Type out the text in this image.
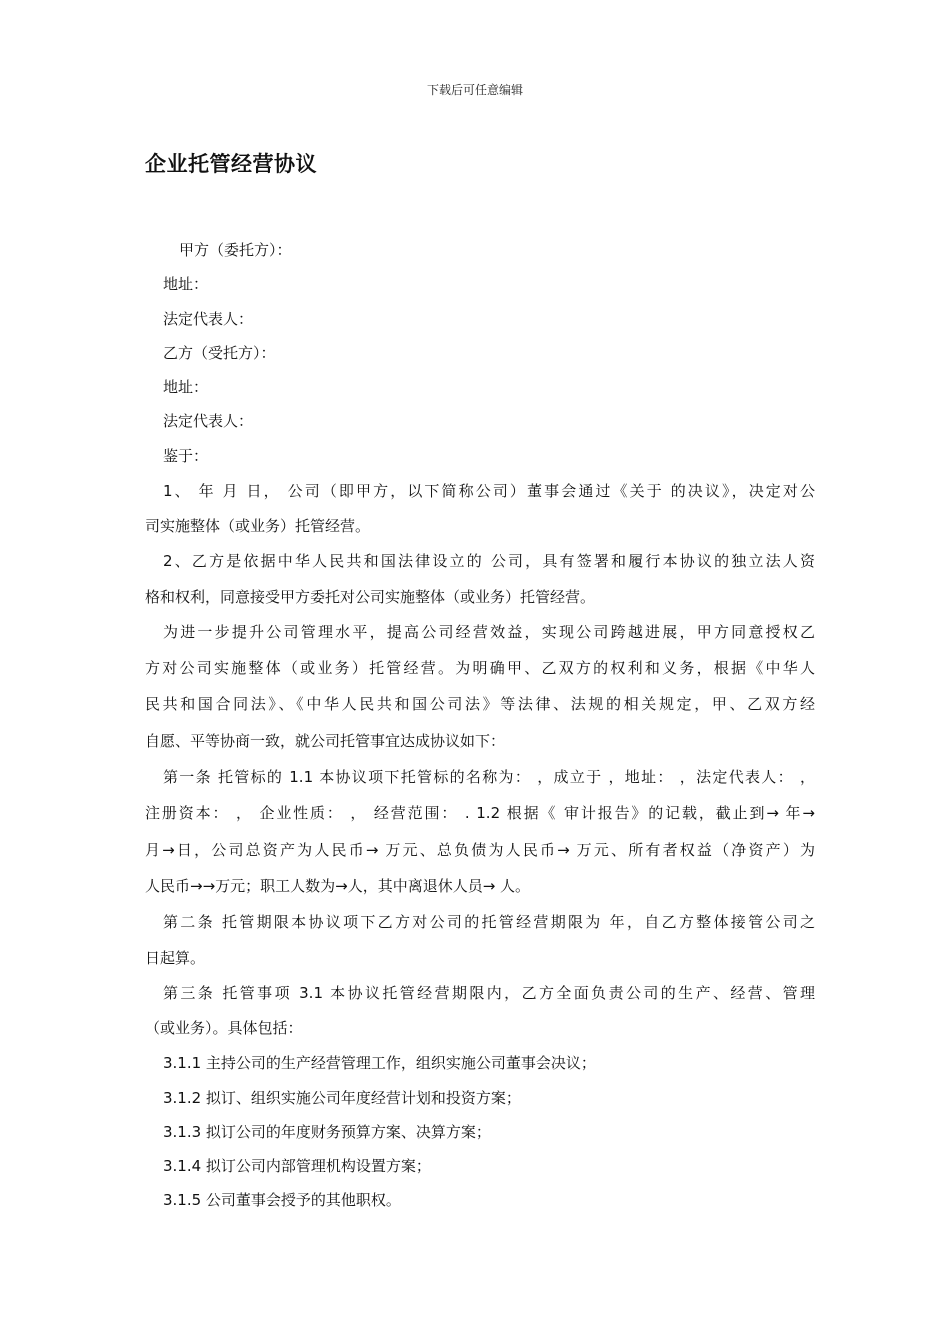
下载后可任意编辑
企业托管经营协议
甲方（委托方）：
地址：
法定代表人：
乙方（受托方）：
地址：
法定代表人：
鉴于：
1、 年 月 日， 公司（即甲方，以下简称公司）董事会通过《关于 的决议》，决定对公
司实施整体（或业务）托管经营。
2、乙方是依据中华人民共和国法律设立的 公司，具有签署和履行本协议的独立法人资
格和权利，同意接受甲方委托对公司实施整体（或业务）托管经营。
为进一步提升公司管理水平，提高公司经营效益，实现公司跨越进展，甲方同意授权乙
方对公司实施整体（或业务）托管经营。为明确甲、乙双方的权利和义务，根据《中华人
民共和国合同法》、《中华人民共和国公司法》等法律、法规的相关规定，甲、乙双方经
自愿、平等协商一致，就公司托管事宜达成协议如下：
第一条 托管标的 1.1 本协议项下托管标的名称为： ，成立于 ，地址： ，法定代表人： ，
注册资本： ， 企业性质： ， 经营范围： . 1.2 根据《 审计报告》的记载，截止到→ 年→
月→日，公司总资产为人民币→ 万元、总负债为人民币→ 万元、所有者权益（净资产）为
人民币→→万元；职工人数为→人，其中离退休人员→ 人。
第二条 托管期限本协议项下乙方对公司的托管经营期限为 年，自乙方整体接管公司之
日起算。
第三条 托管事项 3.1 本协议托管经营期限内，乙方全面负责公司的生产、经营、管理
（或业务）。具体包括：
3.1.1 主持公司的生产经营管理工作，组织实施公司董事会决议；
3.1.2 拟订、组织实施公司年度经营计划和投资方案；
3.1.3 拟订公司的年度财务预算方案、决算方案；
3.1.4 拟订公司内部管理机构设置方案；
3.1.5 公司董事会授予的其他职权。
